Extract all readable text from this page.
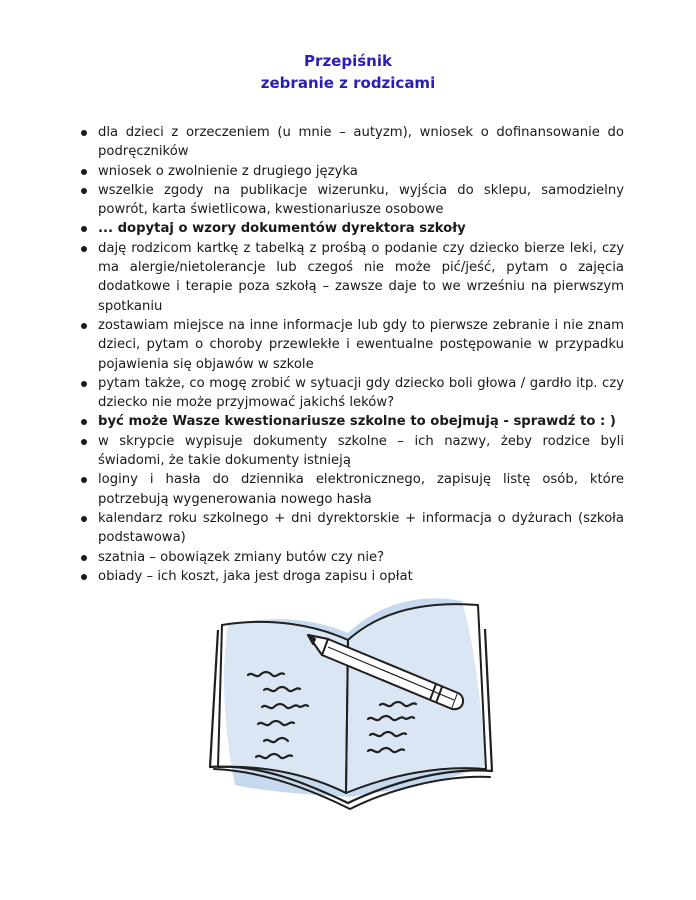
Przepiśnik
zebranie z rodzicami
dla dzieci z orzeczeniem (u mnie – autyzm), wniosek o dofinansowanie do podręczników
wniosek o zwolnienie z drugiego języka
wszelkie zgody na publikacje wizerunku, wyjścia do sklepu, samodzielny powrót, karta świetlicowa, kwestionariusze osobowe
... dopytaj o wzory dokumentów dyrektora szkoły
daję rodzicom kartkę z tabelką z prośbą o podanie czy dziecko bierze leki, czy ma alergie/nietolerancje lub czegoś nie może pić/jeść, pytam o zajęcia dodatkowe i terapie poza szkołą – zawsze daje to we wrześniu na pierwszym spotkaniu
zostawiam miejsce na inne informacje lub gdy to pierwsze zebranie i nie znam dzieci, pytam o choroby przewlekłe i ewentualne postępowanie w przypadku pojawienia się objawów w szkole
pytam także, co mogę zrobić w sytuacji gdy dziecko boli głowa / gardło itp. czy dziecko nie może przyjmować jakichś leków?
być może Wasze kwestionariusze szkolne to obejmują - sprawdź to : )
w skrypcie wypisuje dokumenty szkolne – ich nazwy, żeby rodzice byli świadomi, że takie dokumenty istnieją
loginy i hasła do dziennika elektronicznego, zapisuję listę osób, które potrzebują wygenerowania nowego hasła
kalendarz roku szkolnego + dni dyrektorskie + informacja o dyżurach (szkoła podstawowa)
szatnia – obowiązek zmiany butów czy nie?
obiady – ich koszt, jaka jest droga zapisu i opłat
